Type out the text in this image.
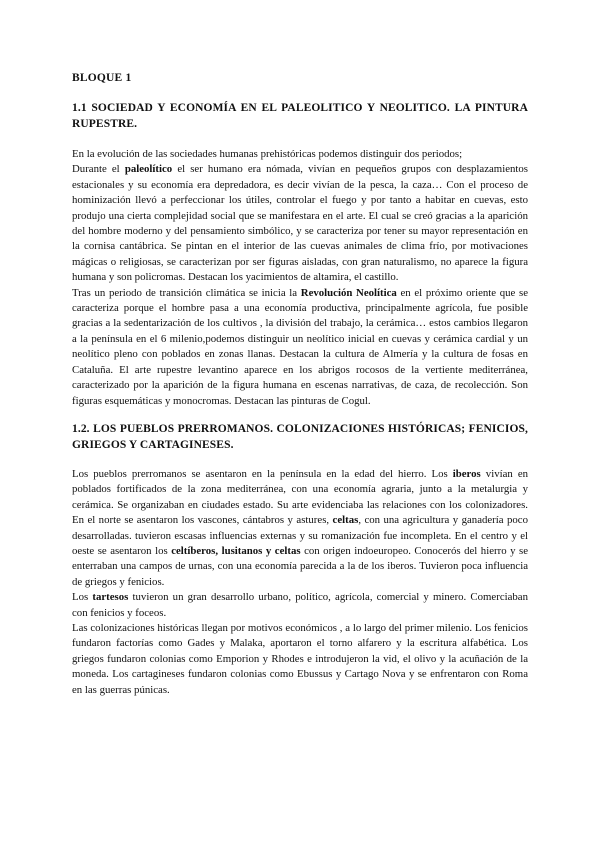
BLOQUE 1
1.1 SOCIEDAD Y ECONOMÍA EN EL PALEOLITICO Y NEOLITICO. LA PINTURA RUPESTRE.

En la evolución de las sociedades humanas prehistóricas podemos distinguir dos periodos;

Durante el paleolítico el ser humano era nómada, vivían en pequeños grupos con desplazamientos estacionales y su economía era depredadora, es decir vivían de la pesca, la caza… Con el proceso de hominización llevó a perfeccionar los útiles, controlar el fuego y por tanto a habitar en cuevas, esto produjo una cierta complejidad social que se manifestara en el arte. El cual se creó gracias a la aparición del hombre moderno y del pensamiento simbólico, y se caracteriza por tener su mayor representación en la cornisa cantábrica. Se pintan en el interior de las cuevas animales de clima frío, por motivaciones mágicas o religiosas, se caracterizan por ser figuras aisladas, con gran naturalismo, no aparece la figura humana y son policromas. Destacan los yacimientos de altamira, el castillo.

Tras un periodo de transición climática se inicia la Revolución Neolítica en el próximo oriente que se caracteriza porque el hombre pasa a una economía productiva, principalmente agrícola, fue posible gracias a la sedentarización de los cultivos , la división del trabajo, la cerámica… estos cambios llegaron a la península en el 6 milenio,podemos distinguir un neolítico inicial en cuevas y cerámica cardial y un neolítico pleno con poblados en zonas llanas. Destacan la cultura de Almería y la cultura de fosas en Cataluña. El arte rupestre levantino aparece en los abrigos rocosos de la vertiente mediterránea, caracterizado por la aparición de la figura humana en escenas narrativas, de caza, de recolección. Son figuras esquemáticas y monocromas. Destacan las pinturas de Cogul.

1.2. LOS PUEBLOS PRERROMANOS. COLONIZACIONES HISTÓRICAS; FENICIOS, GRIEGOS Y CARTAGINESES.

Los pueblos prerromanos se asentaron en la península en la edad del hierro. Los iberos vivían en poblados fortificados de la zona mediterránea, con una economía agraria, junto a la metalurgia y cerámica. Se organizaban en ciudades estado. Su arte evidenciaba las relaciones con los colonizadores. En el norte se asentaron los vascones, cántabros y astures, celtas, con una agricultura y ganadería poco desarrolladas. tuvieron escasas influencias externas y su romanización fue incompleta. En el centro y el oeste se asentaron los celtíberos, lusitanos y celtas con origen indoeuropeo. Conocerós del hierro y se enterraban una campos de urnas, con una economía parecida a la de los iberos. Tuvieron poca influencia de griegos y fenicios.

Los tartesos tuvieron un gran desarrollo urbano, político, agrícola, comercial y minero. Comerciaban con fenicios y foceos.

Las colonizaciones históricas llegan por motivos económicos , a lo largo del primer milenio. Los fenicios fundaron factorías como Gades y Malaka, aportaron el torno alfarero y la escritura alfabética. Los griegos fundaron colonias como Emporion y Rhodes e introdujeron la vid, el olivo y la acuñación de la moneda. Los cartagineses fundaron colonias como Ebussus y Cartago Nova y se enfrentaron con Roma en las guerras púnicas.
